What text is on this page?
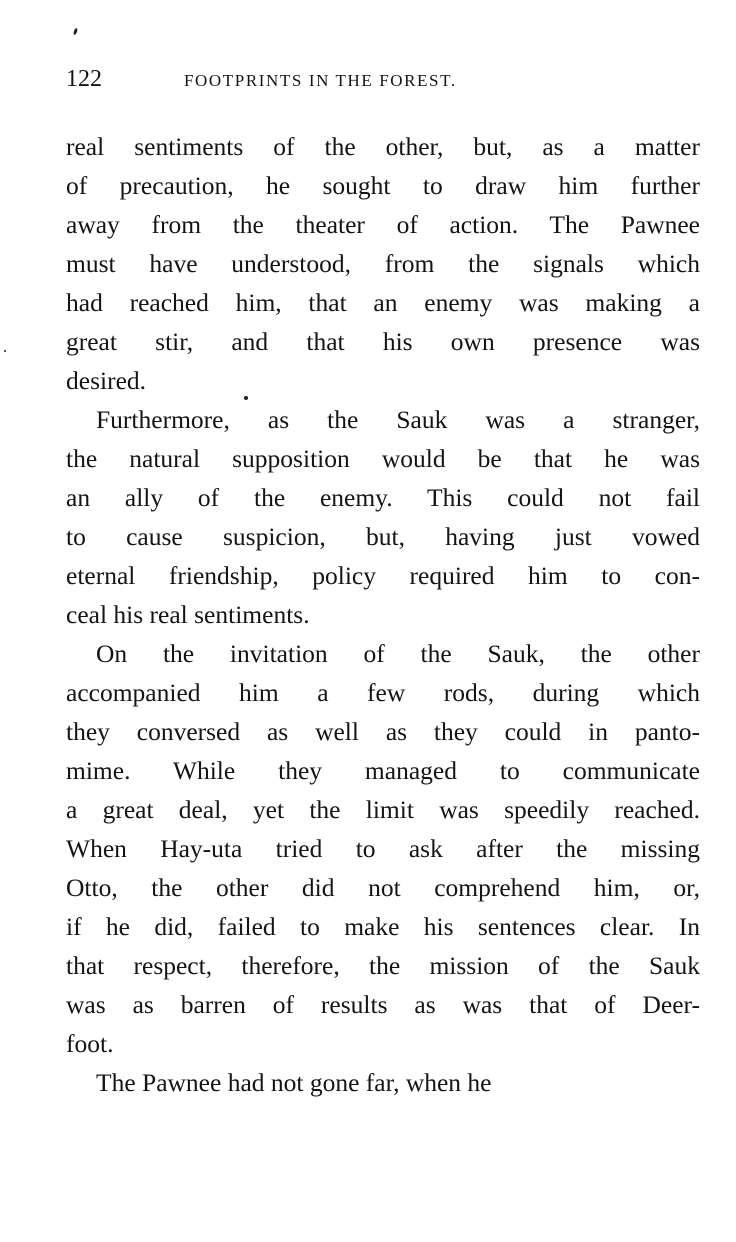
122	FOOTPRINTS IN THE FOREST.
real sentiments of the other, but, as a matter
of precaution, he sought to draw him further
away from the theater of action. The Pawnee
must have understood, from the signals which
had reached him, that an enemy was making a
great stir, and that his own presence was
desired.
Furthermore, as the Sauk was a stranger,
the natural supposition would be that he was
an ally of the enemy. This could not fail
to cause suspicion, but, having just vowed
eternal friendship, policy required him to con-
ceal his real sentiments.
On the invitation of the Sauk, the other
accompanied him a few rods, during which
they conversed as well as they could in panto-
mime. While they managed to communicate
a great deal, yet the limit was speedily reached.
When Hay-uta tried to ask after the missing
Otto, the other did not comprehend him, or,
if he did, failed to make his sentences clear. In
that respect, therefore, the mission of the Sauk
was as barren of results as was that of Deer-
foot.
The Pawnee had not gone far, when he
